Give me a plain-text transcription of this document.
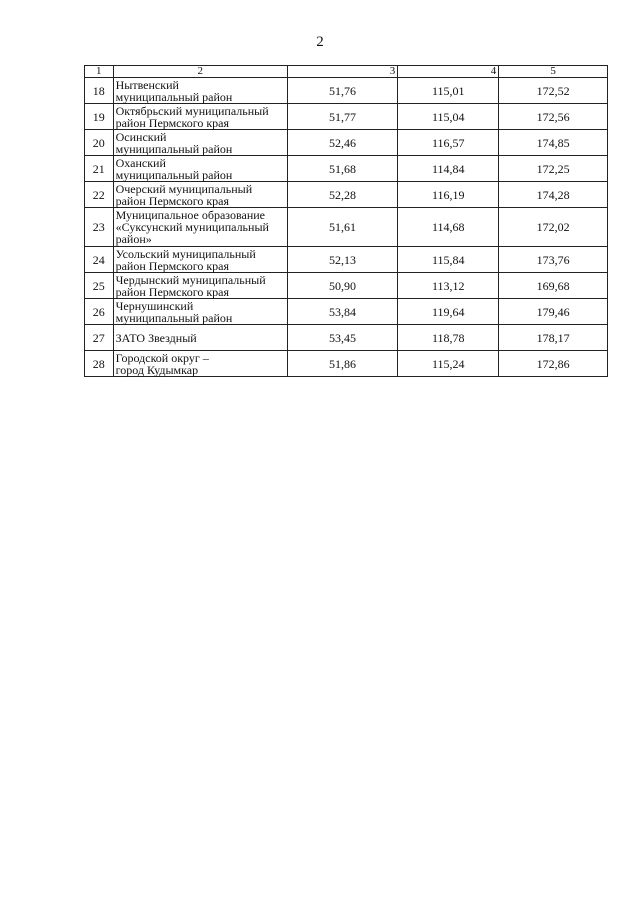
2
1	2	3	4	5
18	Нытвенский
муниципальный район	51,76	115,01	172,52
19	Октябрьский муниципальный
район Пермского края	51,77	115,04	172,56
20	Осинский
муниципальный район	52,46	116,57	174,85
21	Оханский
муниципальный район	51,68	114,84	172,25
22	Очерский муниципальный
район Пермского края	52,28	116,19	174,28
23	Муниципальное образование
«Суксунский муниципальный
район»	51,61	114,68	172,02
24	Усольский муниципальный
район Пермского края	52,13	115,84	173,76
25	Чердынский муниципальный
район Пермского края	50,90	113,12	169,68
26	Чернушинский
муниципальный район	53,84	119,64	179,46
27	ЗАТО Звездный	53,45	118,78	178,17
28	Городской округ –
город Кудымкар	51,86	115,24	172,86
